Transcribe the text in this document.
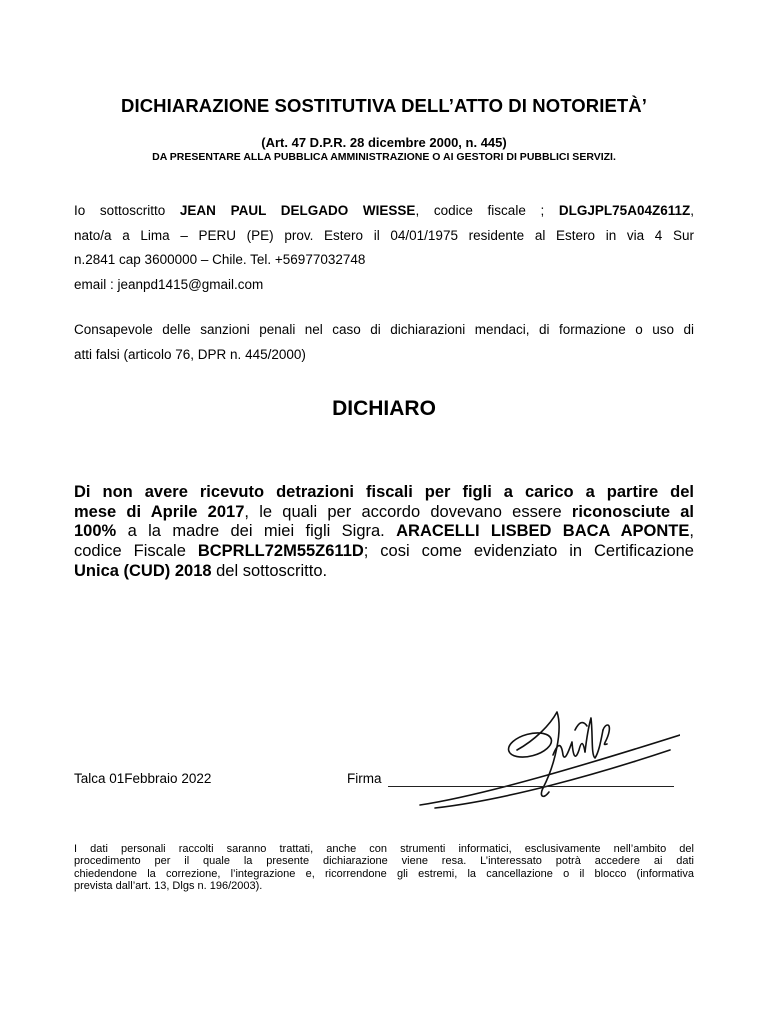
DICHIARAZIONE SOSTITUTIVA DELL’ATTO DI NOTORIETÀ’
(Art. 47 D.P.R. 28 dicembre 2000, n. 445)
DA PRESENTARE ALLA PUBBLICA AMMINISTRAZIONE O AI GESTORI DI PUBBLICI SERVIZI.

Io sottoscritto JEAN PAUL DELGADO WIESSE, codice fiscale ; DLGJPL75A04Z611Z,

nato/a a Lima – PERU (PE) prov. Estero il 04/01/1975 residente al Estero in via 4 Sur

n.2841 cap 3600000 – Chile. Tel. +56977032748

email : jeanpd1415@gmail.com

Consapevole delle sanzioni penali nel caso di dichiarazioni mendaci, di formazione o uso di

atti falsi (articolo 76, DPR n. 445/2000)

DICHIARO

Di non avere ricevuto detrazioni fiscali per figli a carico a partire del

mese di Aprile 2017, le quali per accordo dovevano essere riconosciute al

100% a la madre dei miei figli Sigra. ARACELLI LISBED BACA APONTE,

codice Fiscale BCPRLL72M55Z611D; cosi come evidenziato in Certificazione

Unica (CUD) 2018 del sottoscritto.

Talca 01Febbraio 2022	Firma

I dati personali raccolti saranno trattati, anche con strumenti informatici, esclusivamente nell’ambito del

procedimento per il quale la presente dichiarazione viene resa. L’interessato potrà accedere ai dati

chiedendone la correzione, l’integrazione e, ricorrendone gli estremi, la cancellazione o il blocco (informativa

prevista dall’art. 13, Dlgs n. 196/2003).
